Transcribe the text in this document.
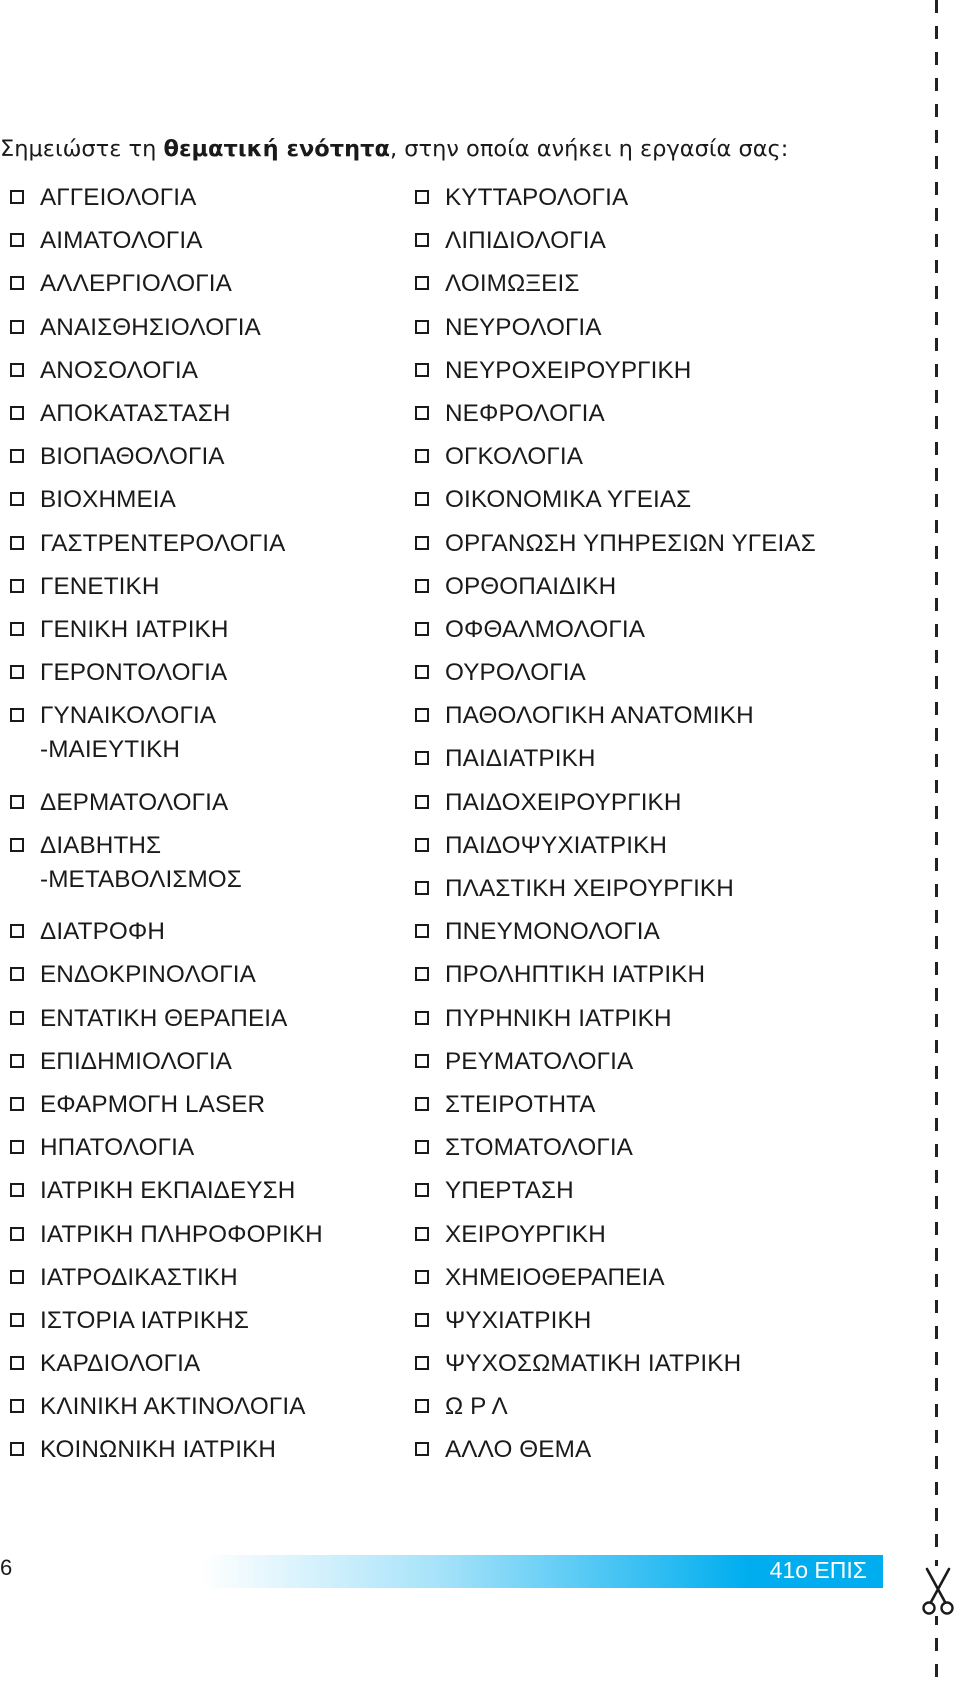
Σημειώστε τη θεματική ενότητα, στην οποία ανήκει η εργασία σας:

ΑΓΓΕΙΟΛΟΓΙΑ
ΑΙΜΑΤΟΛΟΓΙΑ
ΑΛΛΕΡΓΙΟΛΟΓΙΑ
ΑΝΑΙΣΘΗΣΙΟΛΟΓΙΑ
ΑΝΟΣΟΛΟΓΙΑ
ΑΠΟΚΑΤΑΣΤΑΣΗ
ΒΙΟΠΑΘΟΛΟΓΙΑ
ΒΙΟΧΗΜΕΙΑ
ΓΑΣΤΡΕΝΤΕΡΟΛΟΓΙΑ
ΓΕΝΕΤΙΚΗ
ΓΕΝΙΚΗ ΙΑΤΡΙΚΗ
ΓΕΡΟΝΤΟΛΟΓΙΑ
ΓΥΝΑΙΚΟΛΟΓΙΑ
-ΜΑΙΕΥΤΙΚΗ
ΔΕΡΜΑΤΟΛΟΓΙΑ
ΔΙΑΒΗΤΗΣ
-ΜΕΤΑΒΟΛΙΣΜΟΣ
ΔΙΑΤΡΟΦΗ
ΕΝΔΟΚΡΙΝΟΛΟΓΙΑ
ΕΝΤΑΤΙΚΗ ΘΕΡΑΠΕΙΑ
ΕΠΙΔΗΜΙΟΛΟΓΙΑ
ΕΦΑΡΜΟΓΗ LASER
ΗΠΑΤΟΛΟΓΙΑ
ΙΑΤΡΙΚΗ ΕΚΠΑΙΔΕΥΣΗ
ΙΑΤΡΙΚΗ ΠΛΗΡΟΦΟΡΙΚΗ
ΙΑΤΡΟΔΙΚΑΣΤΙΚΗ
ΙΣΤΟΡΙΑ ΙΑΤΡΙΚΗΣ
ΚΑΡΔΙΟΛΟΓΙΑ
ΚΛΙΝΙΚΗ ΑΚΤΙΝΟΛΟΓΙΑ
ΚΟΙΝΩΝΙΚΗ ΙΑΤΡΙΚΗ
ΚΥΤΤΑΡΟΛΟΓΙΑ
ΛΙΠΙΔΙΟΛΟΓΙΑ
ΛΟΙΜΩΞΕΙΣ
ΝΕΥΡΟΛΟΓΙΑ
ΝΕΥΡΟΧΕΙΡΟΥΡΓΙΚΗ
ΝΕΦΡΟΛΟΓΙΑ
ΟΓΚΟΛΟΓΙΑ
ΟΙΚΟΝΟΜΙΚΑ ΥΓΕΙΑΣ
ΟΡΓΑΝΩΣΗ ΥΠΗΡΕΣΙΩΝ ΥΓΕΙΑΣ
ΟΡΘΟΠΑΙΔΙΚΗ
ΟΦΘΑΛΜΟΛΟΓΙΑ
ΟΥΡΟΛΟΓΙΑ
ΠΑΘΟΛΟΓΙΚΗ ΑΝΑΤΟΜΙΚΗ
ΠΑΙΔΙΑΤΡΙΚΗ
ΠΑΙΔΟΧΕΙΡΟΥΡΓΙΚΗ
ΠΑΙΔΟΨΥΧΙΑΤΡΙΚΗ
ΠΛΑΣΤΙΚΗ ΧΕΙΡΟΥΡΓΙΚΗ
ΠΝΕΥΜΟΝΟΛΟΓΙΑ
ΠΡΟΛΗΠΤΙΚΗ ΙΑΤΡΙΚΗ
ΠΥΡΗΝΙΚΗ ΙΑΤΡΙΚΗ
ΡΕΥΜΑΤΟΛΟΓΙΑ
ΣΤΕΙΡΟΤΗΤΑ
ΣΤΟΜΑΤΟΛΟΓΙΑ
ΥΠΕΡΤΑΣΗ
ΧΕΙΡΟΥΡΓΙΚΗ
ΧΗΜΕΙΟΘΕΡΑΠΕΙΑ
ΨΥΧΙΑΤΡΙΚΗ
ΨΥΧΟΣΩΜΑΤΙΚΗ ΙΑΤΡΙΚΗ
Ω Ρ Λ
ΑΛΛΟ ΘΕΜΑ
6	41ο ΕΠΙΣ
